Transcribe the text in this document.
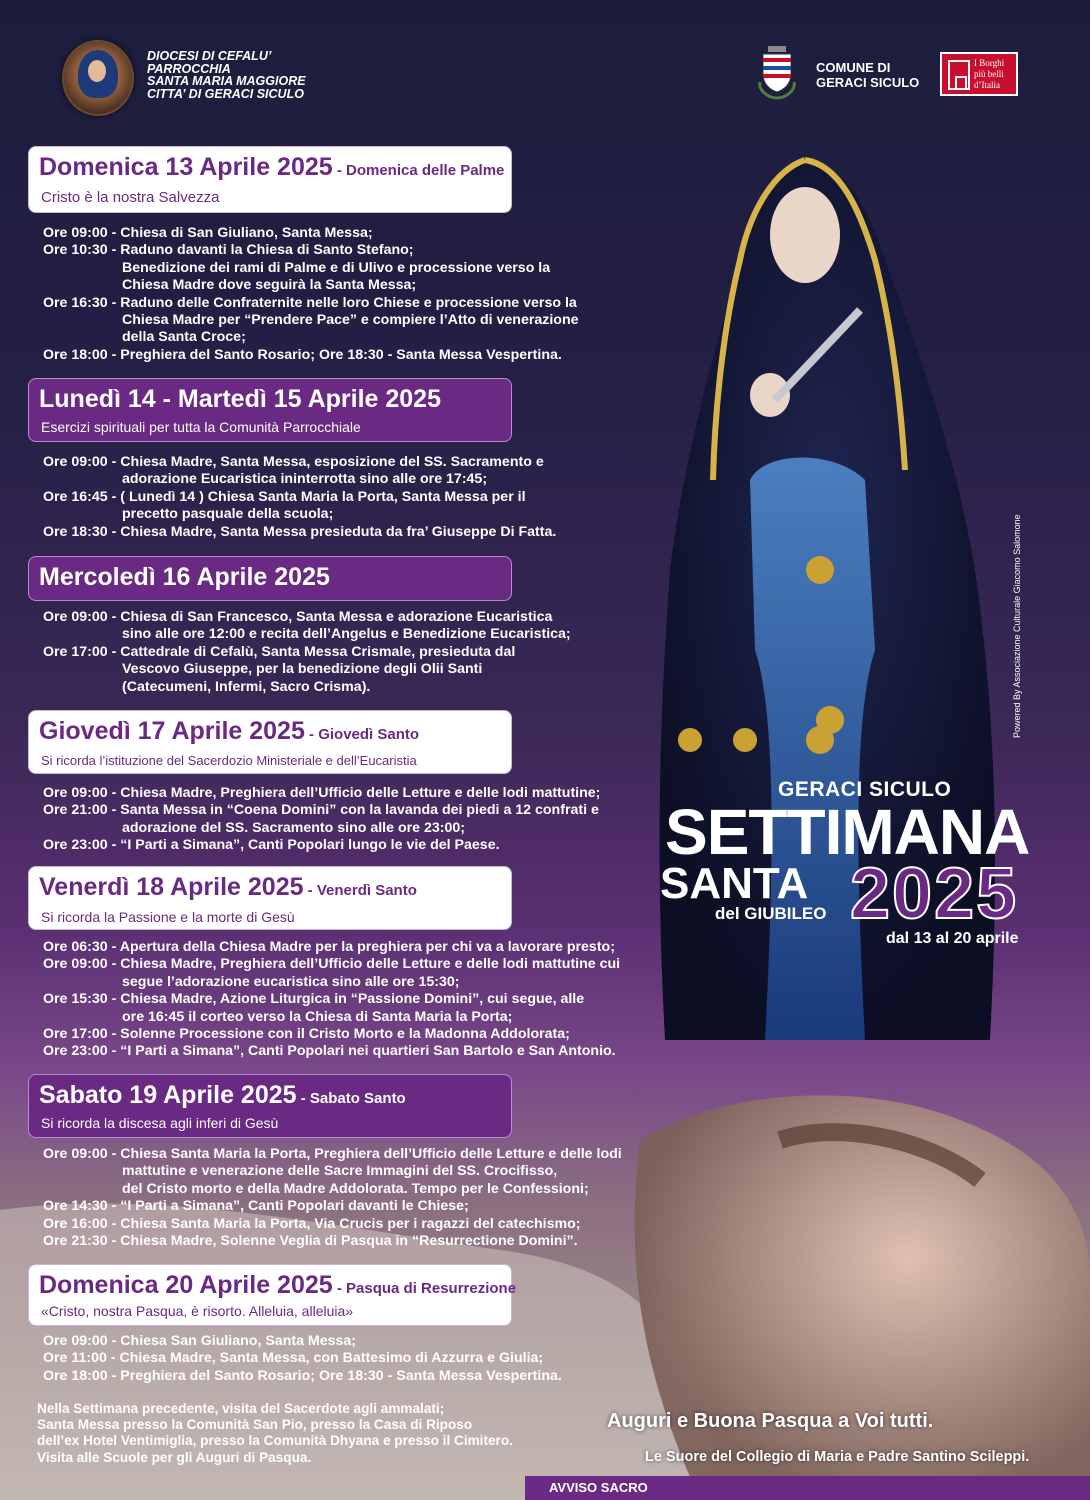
DIOCESI DI CEFALU’
PARROCCHIA
SANTA MARIA MAGGIORE
CITTA’ DI GERACI SICULO
COMUNE DI
GERACI SICULO
I Borghi
più belli
d’Italia
Domenica 13 Aprile 2025 - Domenica delle Palme
Cristo è la nostra Salvezza
Ore 09:00 - Chiesa di San Giuliano, Santa Messa;
Ore 10:30 - Raduno davanti la Chiesa di Santo Stefano;
Benedizione dei rami di Palme e di Ulivo e processione verso la
Chiesa Madre dove seguirà la Santa Messa;
Ore 16:30 - Raduno delle Confraternite nelle loro Chiese e processione verso la
Chiesa Madre per “Prendere Pace” e compiere l’Atto di venerazione
della Santa Croce;
Ore 18:00 - Preghiera del Santo Rosario; Ore 18:30 - Santa Messa Vespertina.
Lunedì 14 - Martedì 15 Aprile 2025
Esercizi spirituali per tutta la Comunità Parrocchiale
Ore 09:00 - Chiesa Madre, Santa Messa, esposizione del SS. Sacramento e
adorazione Eucaristica ininterrotta sino alle ore 17:45;
Ore 16:45 - ( Lunedì 14 ) Chiesa Santa Maria la Porta, Santa Messa per il
precetto pasquale della scuola;
Ore 18:30 - Chiesa Madre, Santa Messa presieduta da fra’ Giuseppe Di Fatta.
Mercoledì 16 Aprile 2025
Ore 09:00 - Chiesa di San Francesco, Santa Messa e adorazione Eucaristica
sino alle ore 12:00 e recita dell’Angelus e Benedizione Eucaristica;
Ore 17:00 - Cattedrale di Cefalù, Santa Messa Crismale, presieduta dal
Vescovo Giuseppe, per la benedizione degli Olii Santi
(Catecumeni, Infermi, Sacro Crisma).
Giovedì 17 Aprile 2025 - Giovedì Santo
Si ricorda l’istituzione del Sacerdozio Ministeriale e dell’Eucaristia
Ore 09:00 - Chiesa Madre, Preghiera dell’Ufficio delle Letture e delle lodi mattutine;
Ore 21:00 - Santa Messa in “Coena Domini” con la lavanda dei piedi a 12 confrati e
adorazione del SS. Sacramento sino alle ore 23:00;
Ore 23:00 - “I Parti a Simana”, Canti Popolari lungo le vie del Paese.
Venerdì 18 Aprile 2025 - Venerdì Santo
Si ricorda la Passione e la morte di Gesù
Ore 06:30 - Apertura della Chiesa Madre per la preghiera per chi va a lavorare presto;
Ore 09:00 - Chiesa Madre, Preghiera dell’Ufficio delle Letture e delle lodi mattutine cui
segue l’adorazione eucaristica sino alle ore 15:30;
Ore 15:30 - Chiesa Madre, Azione Liturgica in “Passione Domini”, cui segue, alle
ore 16:45 il corteo verso la Chiesa di Santa Maria la Porta;
Ore 17:00 - Solenne Processione con il Cristo Morto e la Madonna Addolorata;
Ore 23:00 - “I Parti a Simana”, Canti Popolari nei quartieri San Bartolo e San Antonio.
Sabato 19 Aprile 2025 - Sabato Santo
Si ricorda la discesa agli inferi di Gesù
Ore 09:00 - Chiesa Santa Maria la Porta, Preghiera dell’Ufficio delle Letture e delle lodi
mattutine e venerazione delle Sacre Immagini del SS. Crocifisso,
del Cristo morto e della Madre Addolorata. Tempo per le Confessioni;
Ore 14:30 - “I Parti a Simana”, Canti Popolari davanti le Chiese;
Ore 16:00 - Chiesa Santa Maria la Porta, Via Crucis per i ragazzi del catechismo;
Ore 21:30 - Chiesa Madre, Solenne Veglia di Pasqua in “Resurrectione Domini”.
Domenica 20 Aprile 2025 - Pasqua di Resurrezione
«Cristo, nostra Pasqua, è risorto. Alleluia, alleluia»
Ore 09:00 - Chiesa San Giuliano, Santa Messa;
Ore 11:00 - Chiesa Madre, Santa Messa, con Battesimo di Azzurra e Giulia;
Ore 18:00 - Preghiera del Santo Rosario; Ore 18:30 - Santa Messa Vespertina.
Nella Settimana precedente, visita del Sacerdote agli ammalati;
Santa Messa presso la Comunità San Pio, presso la Casa di Riposo
dell’ex Hotel Ventimiglia, presso la Comunità Dhyana e presso il Cimitero.
Visita alle Scuole per gli Auguri di Pasqua.
GERACI SICULO
SETTIMANA
SANTA
del GIUBILEO 2025
dal 13 al 20 aprile
Powered By Associazione Culturale Giacomo Salomone
Auguri e Buona Pasqua a Voi tutti.
Le Suore del Collegio di Maria e Padre Santino Scileppi.
AVVISO SACRO
